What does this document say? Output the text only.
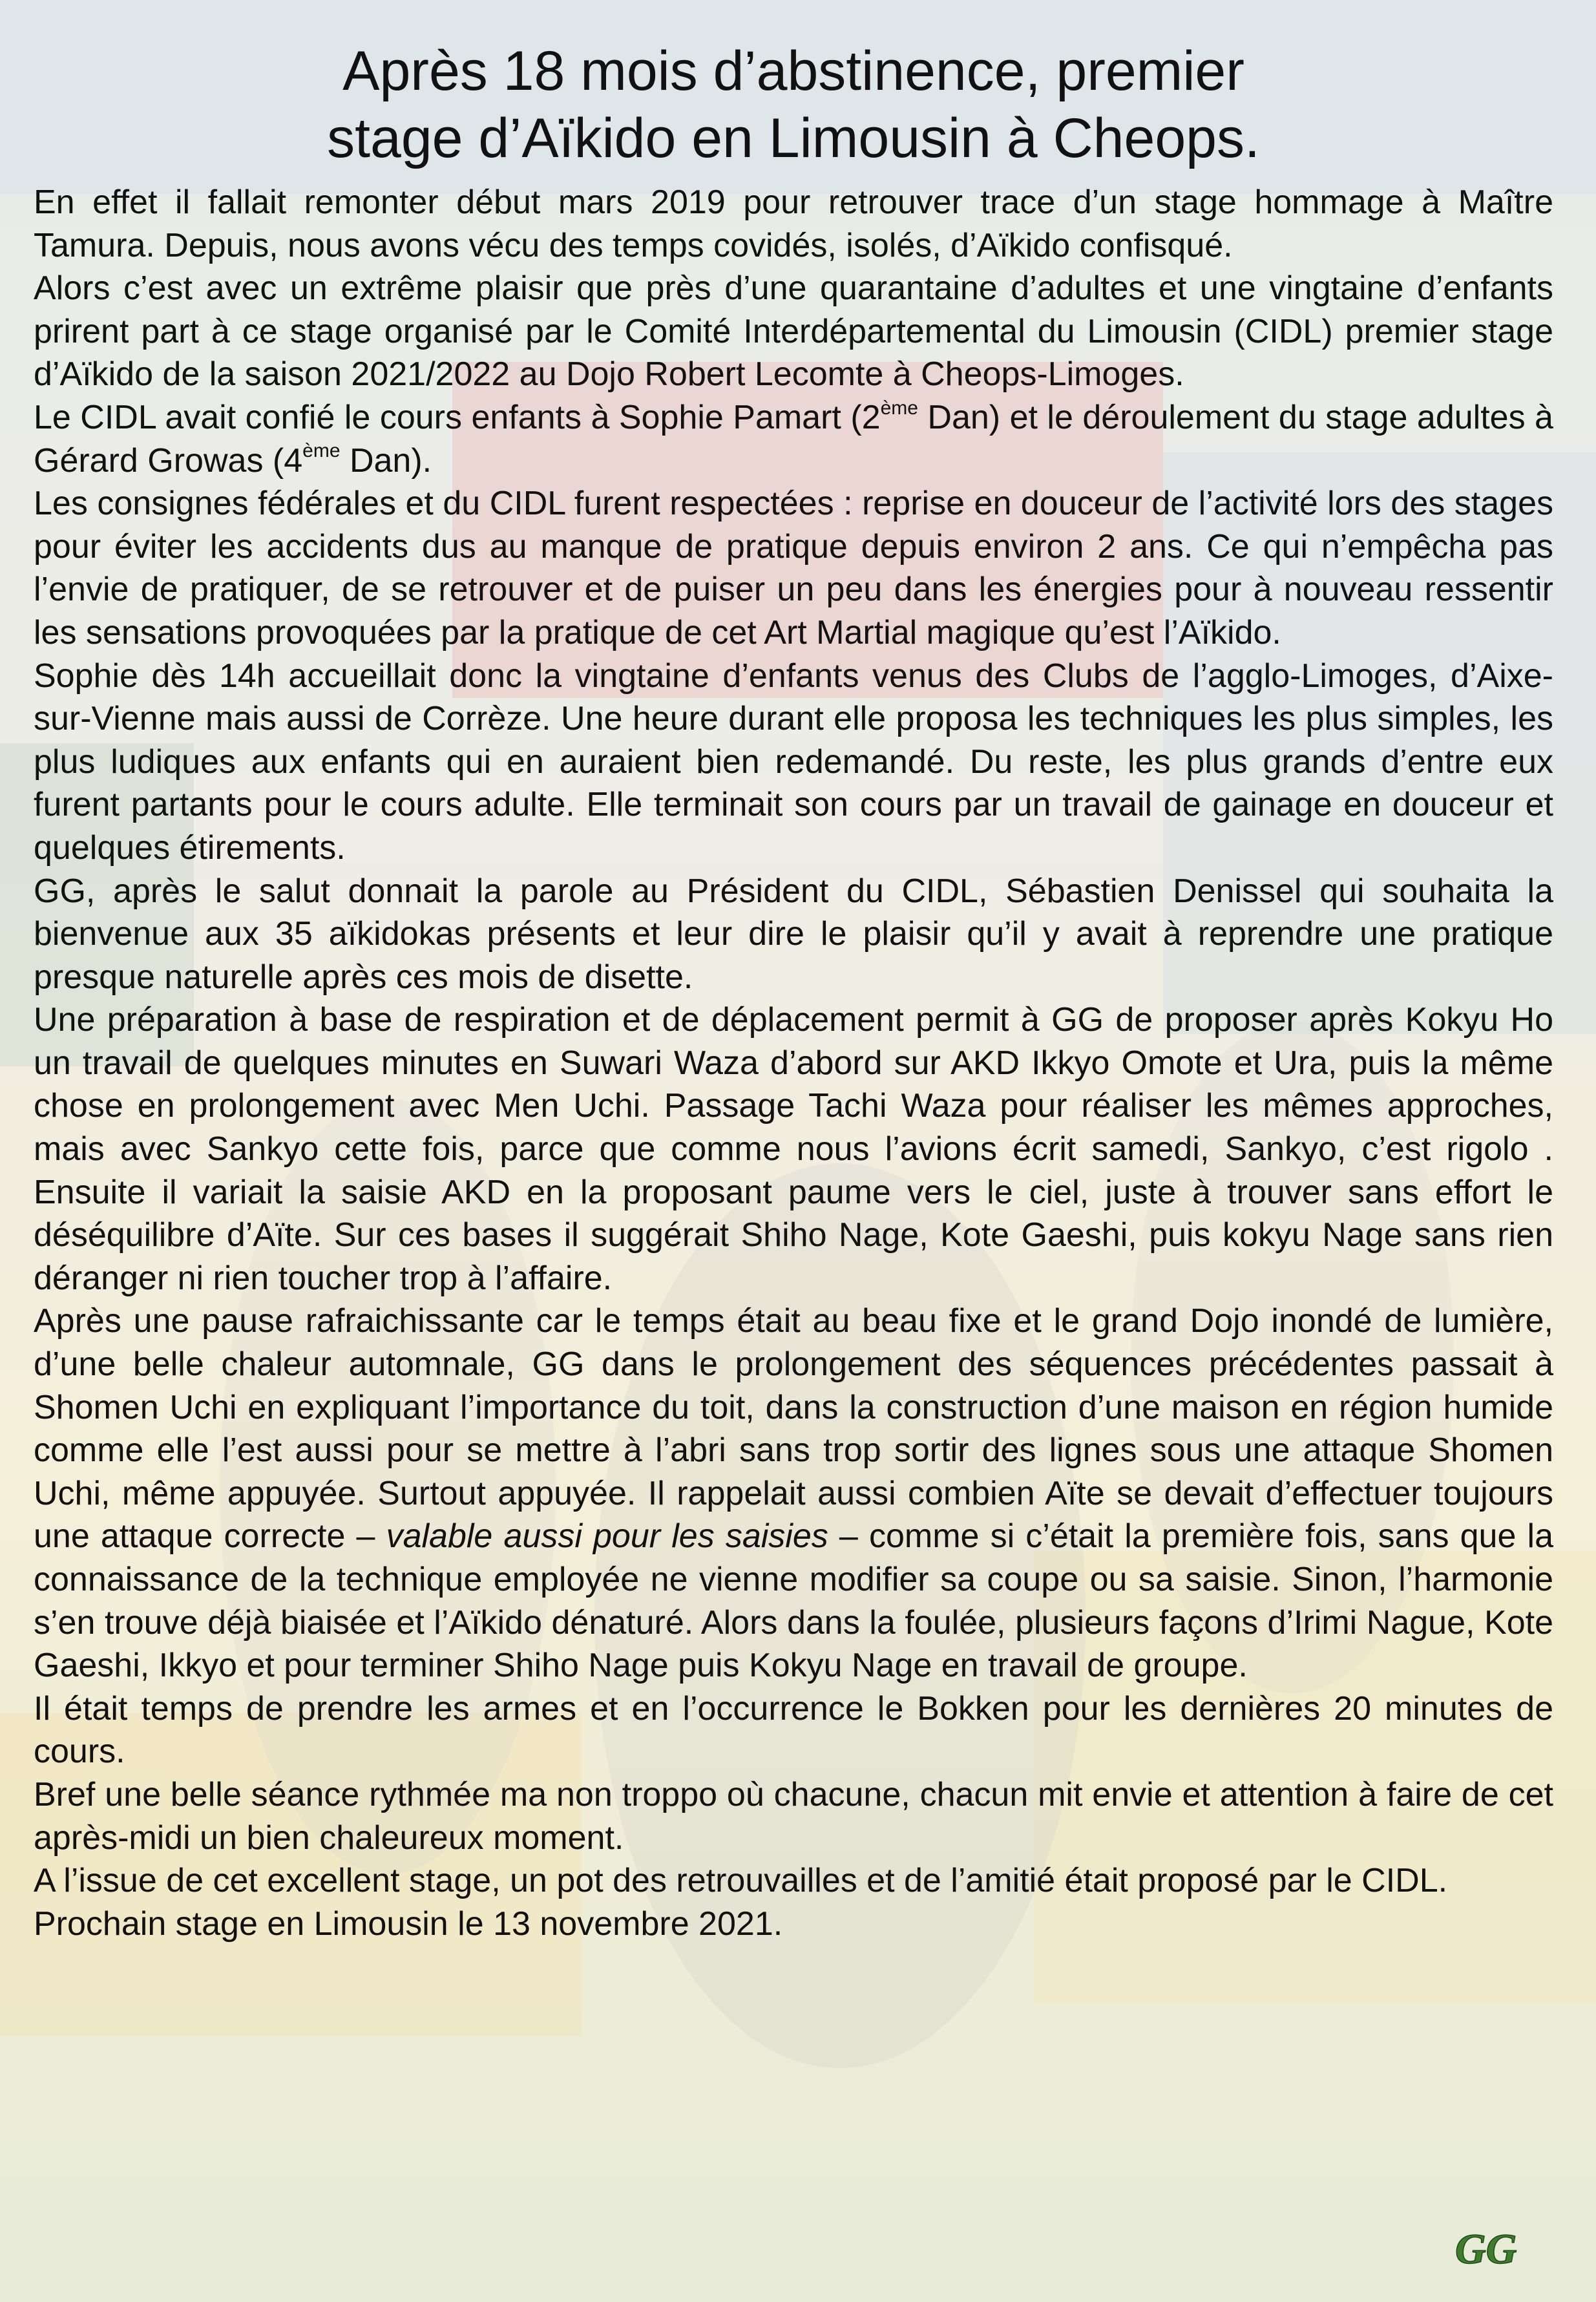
Après 18 mois d’abstinence, premier
stage d’Aïkido en Limousin à Cheops.

En effet il fallait remonter début mars 2019 pour retrouver trace d’un stage hommage à Maître Tamura. Depuis, nous avons vécu des temps covidés, isolés, d’Aïkido confisqué.

Alors c’est avec un extrême plaisir que près d’une quarantaine d’adultes et une vingtaine d’enfants prirent part à ce stage organisé par le Comité Interdépartemental du Limousin (CIDL) premier stage d’Aïkido de la saison 2021/2022 au Dojo Robert Lecomte à Cheops-Limoges.

Le CIDL avait confié le cours enfants à Sophie Pamart (2ème Dan) et le déroulement du stage adultes à Gérard Growas (4ème Dan).

Les consignes fédérales et du CIDL furent respectées : reprise en douceur de l’activité lors des stages pour éviter les accidents dus au manque de pratique depuis environ 2 ans. Ce qui n’empêcha pas l’envie de pratiquer, de se retrouver et de puiser un peu dans les énergies pour à nouveau ressentir les sensations provoquées par la pratique de cet Art Martial magique qu’est l’Aïkido.

Sophie dès 14h accueillait donc la vingtaine d’enfants venus des Clubs de l’agglo-Limoges, d’Aixe-sur-Vienne mais aussi de Corrèze. Une heure durant elle proposa les techniques les plus simples, les plus ludiques aux enfants qui en auraient bien redemandé. Du reste, les plus grands d’entre eux furent partants pour le cours adulte. Elle terminait son cours par un travail de gainage en douceur et quelques étirements.

GG, après le salut donnait la parole au Président du CIDL, Sébastien Denissel qui souhaita la bienvenue aux 35 aïkidokas présents et leur dire le plaisir qu’il y avait à reprendre une pratique presque naturelle après ces mois de disette.

Une préparation à base de respiration et de déplacement permit à GG de proposer après Kokyu Ho un travail de quelques minutes en Suwari Waza d’abord sur AKD Ikkyo Omote et Ura, puis la même chose en prolongement avec Men Uchi. Passage Tachi Waza pour réaliser les mêmes approches, mais avec Sankyo cette fois, parce que comme nous l’avions écrit samedi, Sankyo, c’est rigolo . Ensuite il variait la saisie AKD en la proposant paume vers le ciel, juste à trouver sans effort le déséquilibre d’Aïte. Sur ces bases il suggérait Shiho Nage, Kote Gaeshi, puis kokyu Nage sans rien déranger ni rien toucher trop à l’affaire.

Après une pause rafraichissante car le temps était au beau fixe et le grand Dojo inondé de lumière, d’une belle chaleur automnale, GG dans le prolongement des séquences précédentes passait à Shomen Uchi en expliquant l’importance du toit, dans la construction d’une maison en région humide comme elle l’est aussi pour se mettre à l’abri sans trop sortir des lignes sous une attaque Shomen Uchi, même appuyée. Surtout appuyée. Il rappelait aussi combien Aïte se devait d’effectuer toujours une attaque correcte – valable aussi pour les saisies – comme si c’était la première fois, sans que la connaissance de la technique employée ne vienne modifier sa coupe ou sa saisie. Sinon, l’harmonie s’en trouve déjà biaisée et l’Aïkido dénaturé. Alors dans la foulée, plusieurs façons d’Irimi Nague, Kote Gaeshi, Ikkyo et pour terminer Shiho Nage puis Kokyu Nage en travail de groupe.

Il était temps de prendre les armes et en l’occurrence le Bokken pour les dernières 20 minutes de cours.

Bref une belle séance rythmée ma non troppo où chacune, chacun mit envie et attention à faire de cet après-midi un bien chaleureux moment.

A l’issue de cet excellent stage, un pot des retrouvailles et de l’amitié était proposé par le CIDL.

Prochain stage en Limousin le 13 novembre 2021.

GG
